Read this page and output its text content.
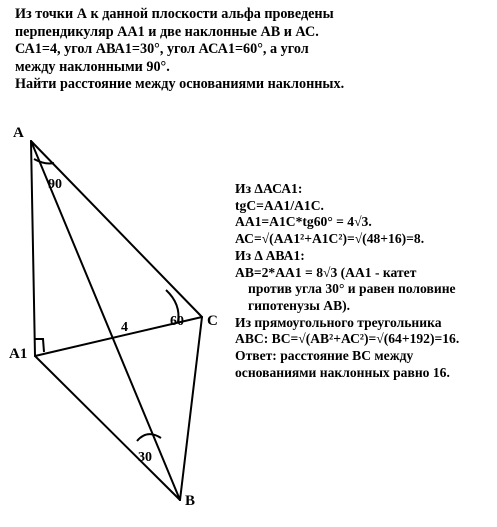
Из точки А к данной плоскости альфа проведены
перпендикуляр АА1 и две наклонные АВ и АС.
СА1=4, угол АВА1=30°, угол АСА1=60°, а угол
между наклонными 90°.
Найти расстояние между основаниями наклонных.
A
A1
C
B
4
90
60
30
Из ΔАСА1:
tgС=АА1/А1С.
АА1=А1С*tg60° = 4√3.
АС=√(АА1²+А1С²)=√(48+16)=8.
Из Δ АВА1:
АВ=2*АА1 = 8√3 (АА1 - катет
против угла 30° и равен половине
гипотенузы АВ).
Из прямоугольного треугольника
АВС: ВС=√(АВ²+АС²)=√(64+192)=16.
Ответ: расстояние ВС между
основаниями наклонных равно 16.
